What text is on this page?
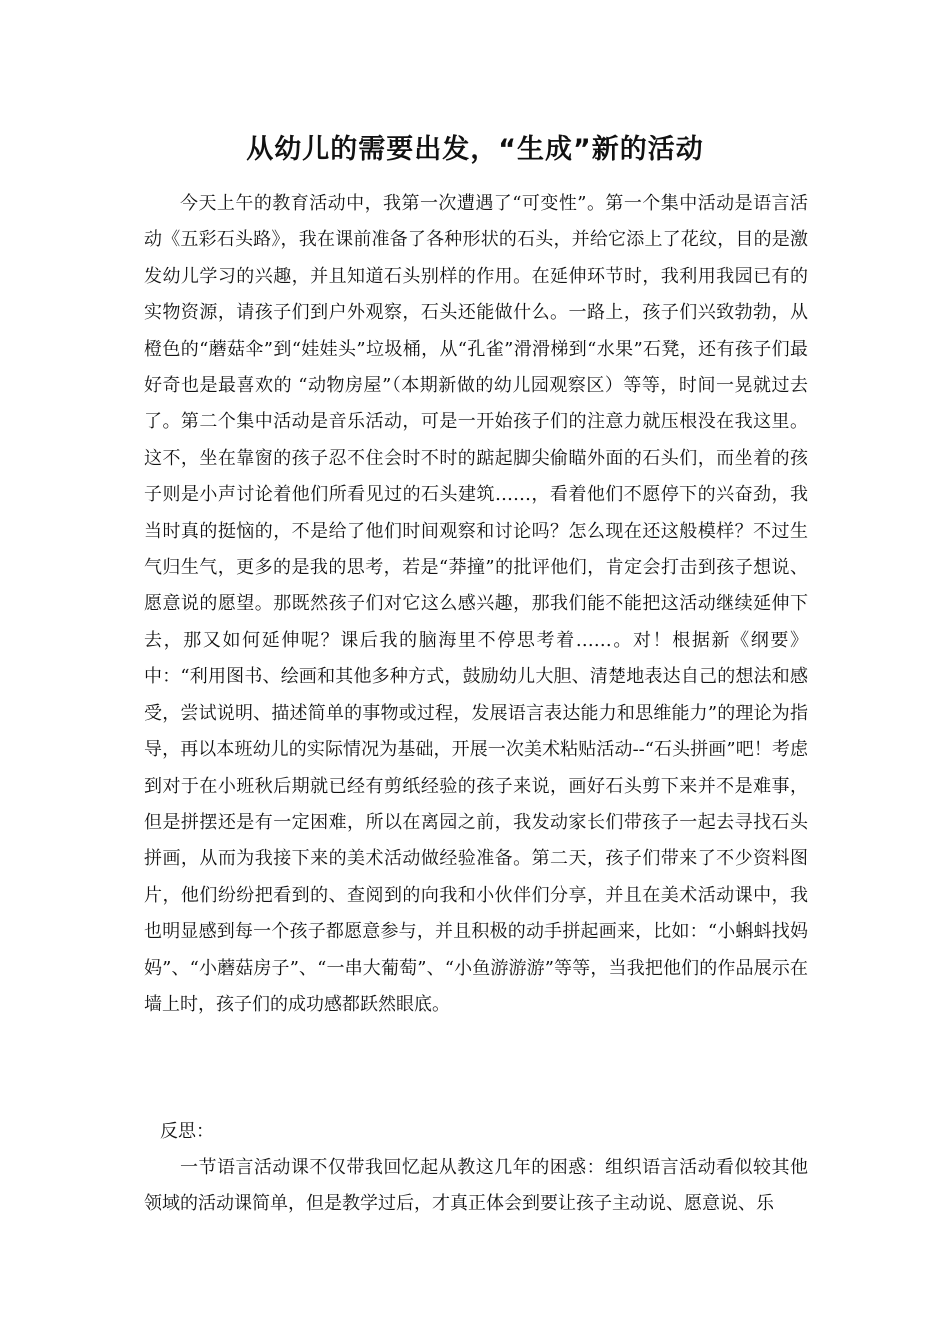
从幼儿的需要出发，“生成”新的活动

今天上午的教育活动中，我第一次遭遇了“可变性”。第一个集中活动是语言活动《五彩石头路》，我在课前准备了各种形状的石头，并给它添上了花纹，目的是激发幼儿学习的兴趣，并且知道石头别样的作用。在延伸环节时，我利用我园已有的实物资源，请孩子们到户外观察，石头还能做什么。一路上，孩子们兴致勃勃，从橙色的“蘑菇伞”到“娃娃头”垃圾桶，从“孔雀”滑滑梯到“水果”石凳，还有孩子们最好奇也是最喜欢的 “动物房屋”（本期新做的幼儿园观察区）等等，时间一晃就过去了。第二个集中活动是音乐活动，可是一开始孩子们的注意力就压根没在我这里。这不，坐在靠窗的孩子忍不住会时不时的踮起脚尖偷瞄外面的石头们，而坐着的孩子则是小声讨论着他们所看见过的石头建筑……，看着他们不愿停下的兴奋劲，我当时真的挺恼的，不是给了他们时间观察和讨论吗？怎么现在还这般模样？不过生气归生气，更多的是我的思考，若是“莽撞”的批评他们，肯定会打击到孩子想说、愿意说的愿望。那既然孩子们对它这么感兴趣，那我们能不能把这活动继续延伸下去，那又如何延伸呢？课后我的脑海里不停思考着……。对！根据新《纲要》中：“利用图书、绘画和其他多种方式，鼓励幼儿大胆、清楚地表达自己的想法和感受，尝试说明、描述简单的事物或过程，发展语言表达能力和思维能力”的理论为指导，再以本班幼儿的实际情况为基础，开展一次美术粘贴活动--“石头拼画”吧！考虑到对于在小班秋后期就已经有剪纸经验的孩子来说，画好石头剪下来并不是难事，但是拼摆还是有一定困难，所以在离园之前，我发动家长们带孩子一起去寻找石头拼画，从而为我接下来的美术活动做经验准备。第二天，孩子们带来了不少资料图片，他们纷纷把看到的、查阅到的向我和小伙伴们分享，并且在美术活动课中，我也明显感到每一个孩子都愿意参与，并且积极的动手拼起画来，比如：“小蝌蚪找妈妈”、“小蘑菇房子”、“一串大葡萄”、“小鱼游游游”等等，当我把他们的作品展示在墙上时，孩子们的成功感都跃然眼底。

反思：

一节语言活动课不仅带我回忆起从教这几年的困惑：组织语言活动看似较其他领域的活动课简单，但是教学过后，才真正体会到要让孩子主动说、愿意说、乐
